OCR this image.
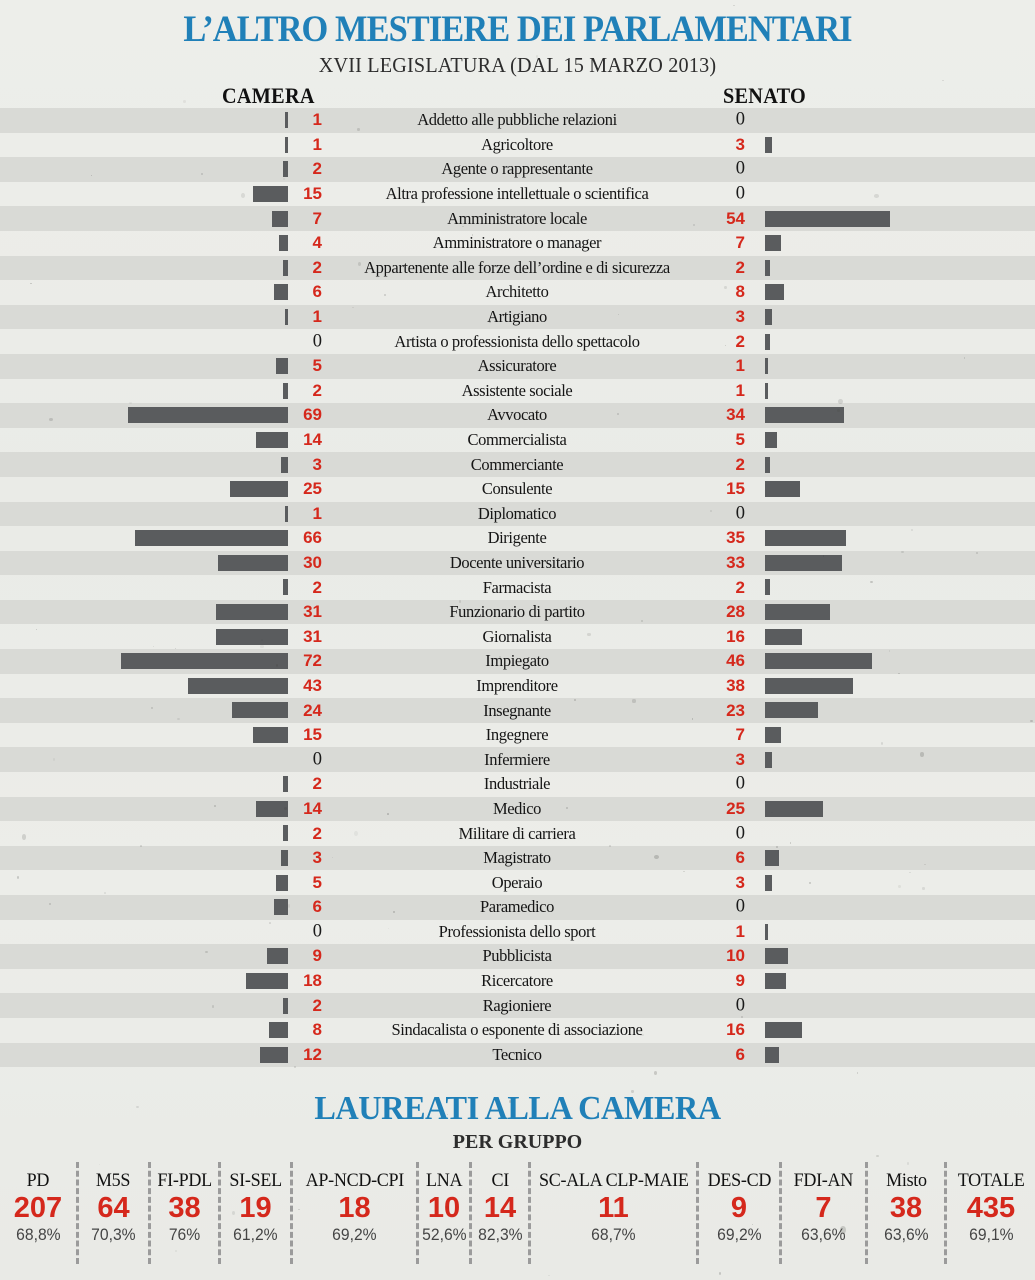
L’ALTRO MESTIERE DEI PARLAMENTARI
XVII LEGISLATURA (DAL 15 MARZO 2013)
CAMERA	SENATO
1	Addetto alle pubbliche relazioni	0
1	Agricoltore	3
2	Agente o rappresentante	0
15	Altra professione intellettuale o scientifica	0
7	Amministratore locale	54
4	Amministratore o manager	7
2	Appartenente alle forze dell’ordine e di sicurezza	2
6	Architetto	8
1	Artigiano	3
0	Artista o professionista dello spettacolo	2
5	Assicuratore	1
2	Assistente sociale	1
69	Avvocato	34
14	Commercialista	5
3	Commerciante	2
25	Consulente	15
1	Diplomatico	0
66	Dirigente	35
30	Docente universitario	33
2	Farmacista	2
31	Funzionario di partito	28
31	Giornalista	16
72	Impiegato	46
43	Imprenditore	38
24	Insegnante	23
15	Ingegnere	7
0	Infermiere	3
2	Industriale	0
14	Medico	25
2	Militare di carriera	0
3	Magistrato	6
5	Operaio	3
6	Paramedico	0
0	Professionista dello sport	1
9	Pubblicista	10
18	Ricercatore	9
2	Ragioniere	0
8	Sindacalista o esponente di associazione	16
12	Tecnico	6
LAUREATI ALLA CAMERA
PER GRUPPO
PD
207
68,8%
M5S
64
70,3%
FI-PDL
38
76%
SI-SEL
19
61,2%
AP-NCD-CPI
18
69,2%
LNA
10
52,6%
CI
14
82,3%
SC-ALA CLP-MAIE
11
68,7%
DES-CD
9
69,2%
FDI-AN
7
63,6%
Misto
38
63,6%
TOTALE
435
69,1%
